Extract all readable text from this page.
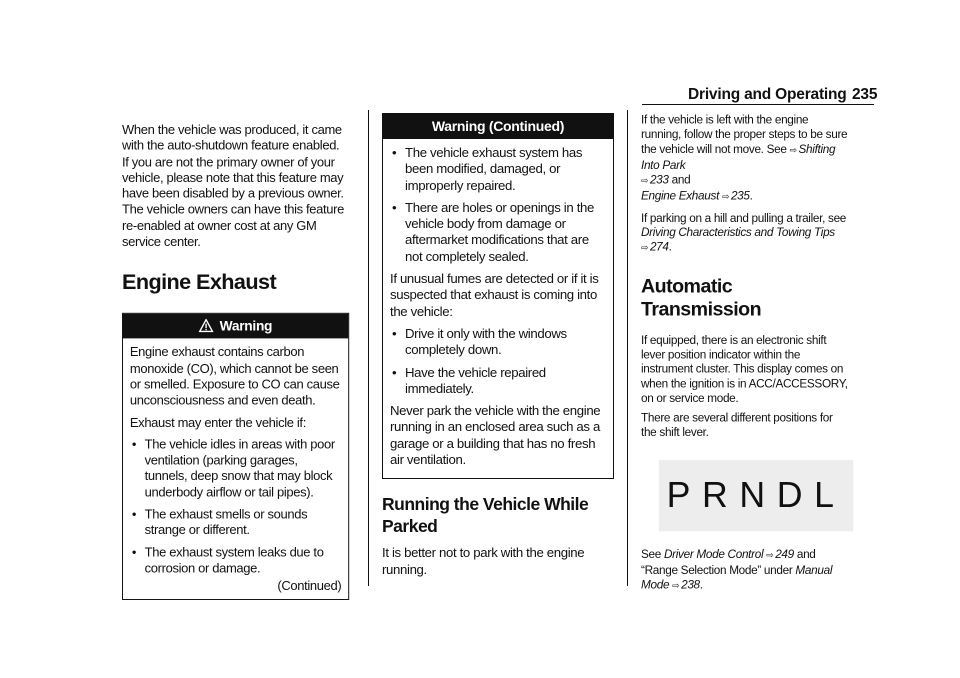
Driving and Operating 235

When the vehicle was produced, it came with the auto-shutdown feature enabled.

If you are not the primary owner of your vehicle, please note that this feature may have been disabled by a previous owner. The vehicle owners can have this feature re-enabled at owner cost at any GM service center.

Engine Exhaust
Warning

Engine exhaust contains carbon monoxide (CO), which cannot be seen or smelled. Exposure to CO can cause unconsciousness and even death.

Exhaust may enter the vehicle if:

• The vehicle idles in areas with poor ventilation (parking garages, tunnels, deep snow that may block underbody airflow or tail pipes).
• The exhaust smells or sounds strange or different.
• The exhaust system leaks due to corrosion or damage.
(Continued)
Warning (Continued)
• The vehicle exhaust system has been modified, damaged, or improperly repaired.
• There are holes or openings in the vehicle body from damage or aftermarket modifications that are not completely sealed.

If unusual fumes are detected or if it is suspected that exhaust is coming into the vehicle:

• Drive it only with the windows completely down.
• Have the vehicle repaired immediately.

Never park the vehicle with the engine running in an enclosed area such as a garage or a building that has no fresh air ventilation.

Running the Vehicle While Parked

It is better not to park with the engine running.

If the vehicle is left with the engine running, follow the proper steps to be sure the vehicle will not move. See ⇨ Shifting Into Park
⇨ 233 and
Engine Exhaust ⇨ 235.

If parking on a hill and pulling a trailer, see Driving Characteristics and Towing Tips
⇨ 274.

Automatic Transmission

If equipped, there is an electronic shift lever position indicator within the instrument cluster. This display comes on when the ignition is in ACC/ACCESSORY, on or service mode.

There are several different positions for the shift lever.

PRNDL

See Driver Mode Control ⇨ 249 and “Range Selection Mode” under Manual Mode ⇨ 238.
